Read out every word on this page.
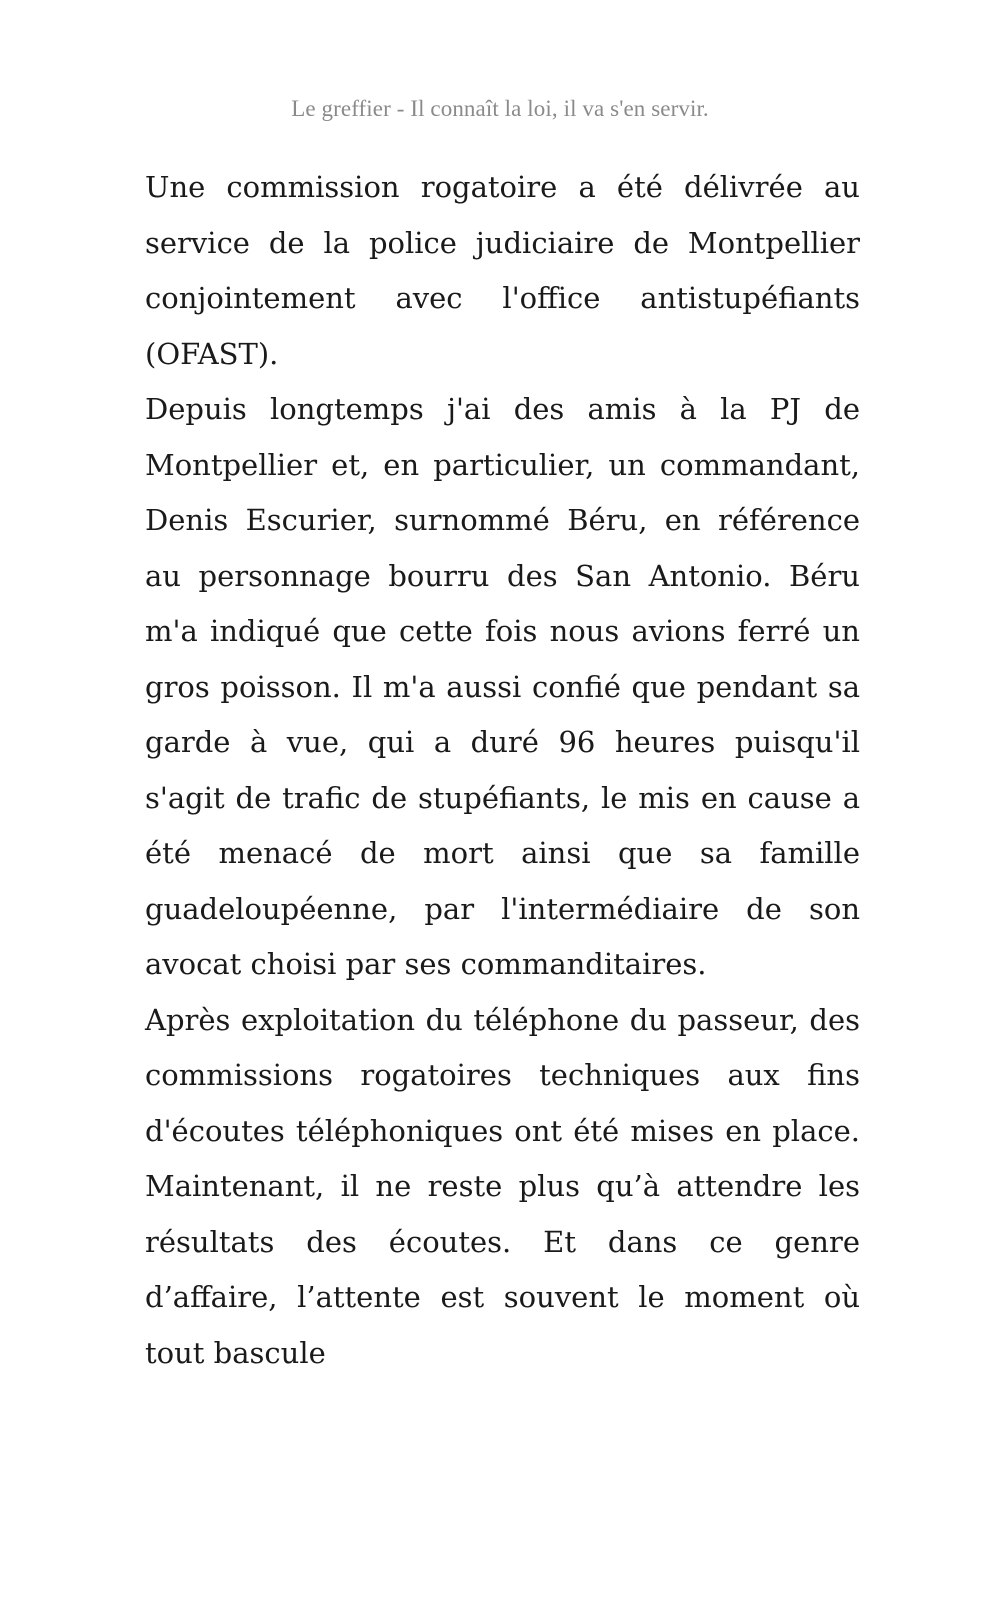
Le greffier - Il connaît la loi, il va s'en servir.

Une commission rogatoire a été délivrée au service de la police judiciaire de Montpellier conjointement avec l'office antistupéfiants (OFAST).

Depuis longtemps j'ai des amis à la PJ de Montpellier et, en particulier, un commandant, Denis Escurier, surnommé Béru, en référence au personnage bourru des San Antonio. Béru m'a indiqué que cette fois nous avions ferré un gros poisson. Il m'a aussi confié que pendant sa garde à vue, qui a duré 96 heures puisqu'il s'agit de trafic de stupéfiants, le mis en cause a été menacé de mort ainsi que sa famille guadeloupéenne, par l'intermédiaire de son avocat choisi par ses commanditaires.

Après exploitation du téléphone du passeur, des commissions rogatoires techniques aux fins d'écoutes téléphoniques ont été mises en place. Maintenant, il ne reste plus qu’à attendre les résultats des écoutes. Et dans ce genre d’affaire, l’attente est souvent le moment où tout bascule
